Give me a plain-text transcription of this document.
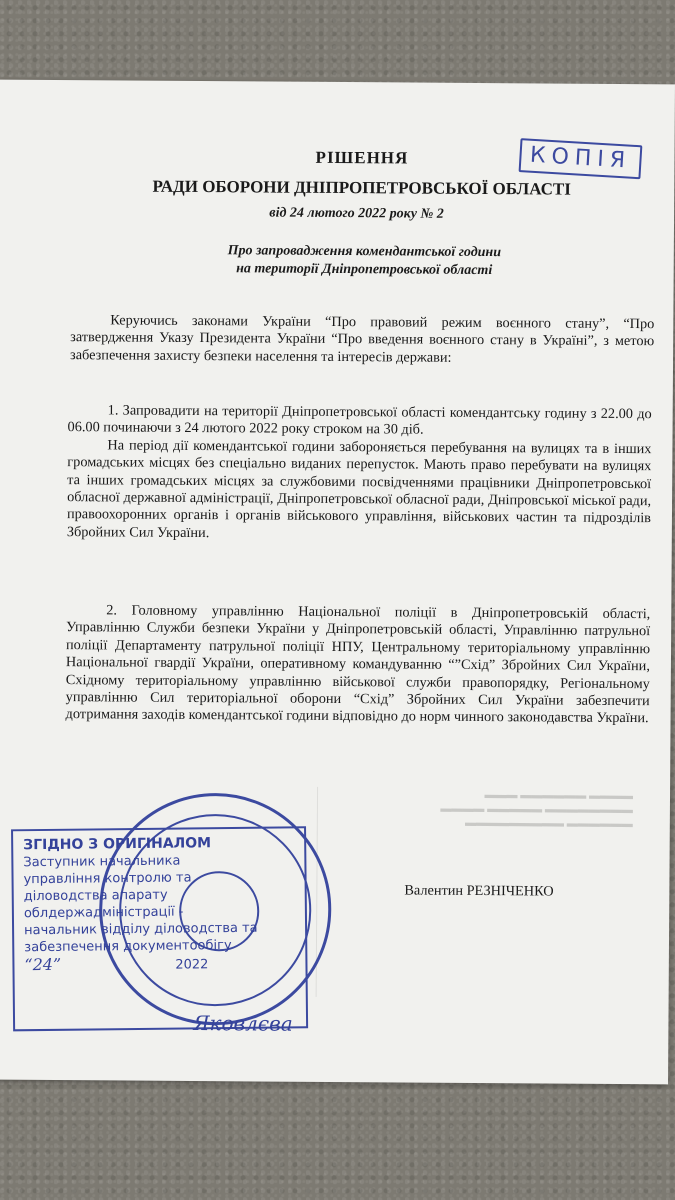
КОПІЯ
РІШЕННЯ
РАДИ ОБОРОНИ ДНІПРОПЕТРОВСЬКОЇ ОБЛАСТІ
від 24 лютого 2022 року № 2
Про запровадження комендантської години
на території Дніпропетровської області

Керуючись законами України “Про правовий режим воєнного стану”, “Про затвердження Указу Президента України “Про введення воєнного стану в Україні”, з метою забезпечення захисту безпеки населення та інтересів держави:

1. Запровадити на території Дніпропетровської області комендантську годину з 22.00 до 06.00 починаючи з 24 лютого 2022 року строком на 30 діб.

На період дії комендантської години забороняється перебування на вулицях та в інших громадських місцях без спеціально виданих перепусток. Мають право перебувати на вулицях та інших громадських місцях за службовими посвідченнями працівники Дніпропетровської обласної державної адміністрації, Дніпропетровської обласної ради, Дніпровської міської ради, правоохоронних органів і органів військового управління, військових частин та підрозділів Збройних Сил України.

2. Головному управлінню Національної поліції в Дніпропетровській області, Управлінню Служби безпеки України у Дніпропетровській області, Управлінню патрульної поліції Департаменту патрульної поліції НПУ, Центральному територіальному управлінню Національної гвардії України, оперативному командуванню “”Схід” Збройних Сил України, Східному територіальному управлінню військової служби правопорядку, Регіональному управлінню Сил територіальної оборони “Схід” Збройних Сил України забезпечити дотримання заходів комендантської години відповідно до норм чинного законодавства України.

▬▬▬▬ ▬▬▬▬▬▬ ▬▬▬
▬▬▬▬▬▬▬▬ ▬▬▬▬▬ ▬▬▬▬
▬▬▬▬▬▬ ▬▬▬▬▬▬▬▬▬
Валентин РЕЗНІЧЕНКО
ЗГІДНО З ОРИГІНАЛОМ
Заступник начальника
управління контролю та
діловодства апарату
облдержадміністрації -
начальник відділу діловодства та
забезпечення документообігу
“24”	2022
Яковлєва
